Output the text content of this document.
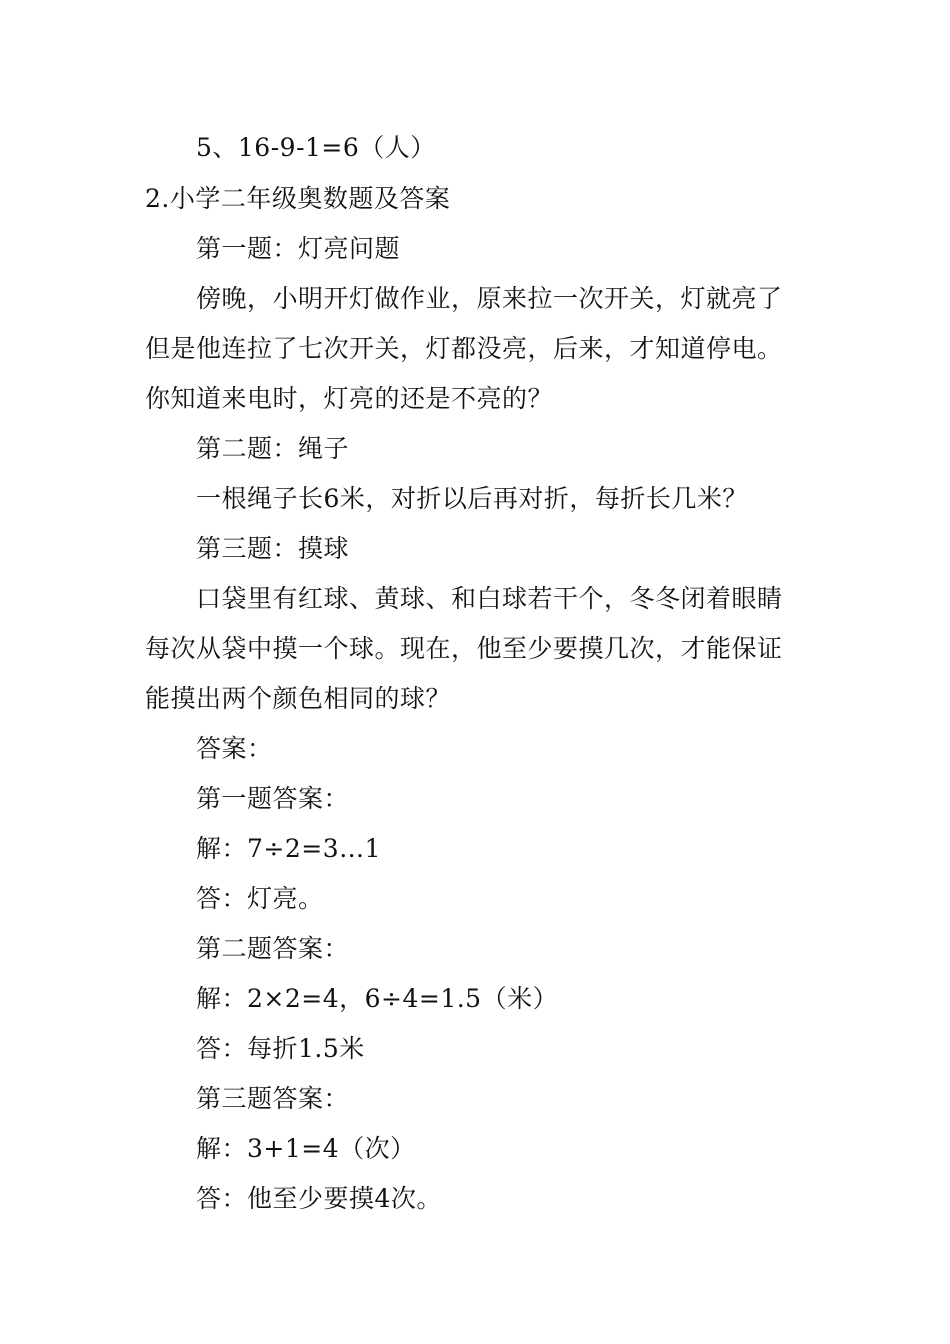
5、16-9-1=6（人）
2.小学二年级奥数题及答案
第一题：灯亮问题
傍晚，小明开灯做作业，原来拉一次开关，灯就亮了
但是他连拉了七次开关，灯都没亮，后来，才知道停电。
你知道来电时，灯亮的还是不亮的？
第二题：绳子
一根绳子长6米，对折以后再对折，每折长几米？
第三题：摸球
口袋里有红球、黄球、和白球若干个，冬冬闭着眼睛
每次从袋中摸一个球。现在，他至少要摸几次，才能保证
能摸出两个颜色相同的球？
答案：
第一题答案：
解：7÷2=3…1
答：灯亮。
第二题答案：
解：2×2=4，6÷4=1.5（米）
答：每折1.5米
第三题答案：
解：3+1=4（次）
答：他至少要摸4次。
